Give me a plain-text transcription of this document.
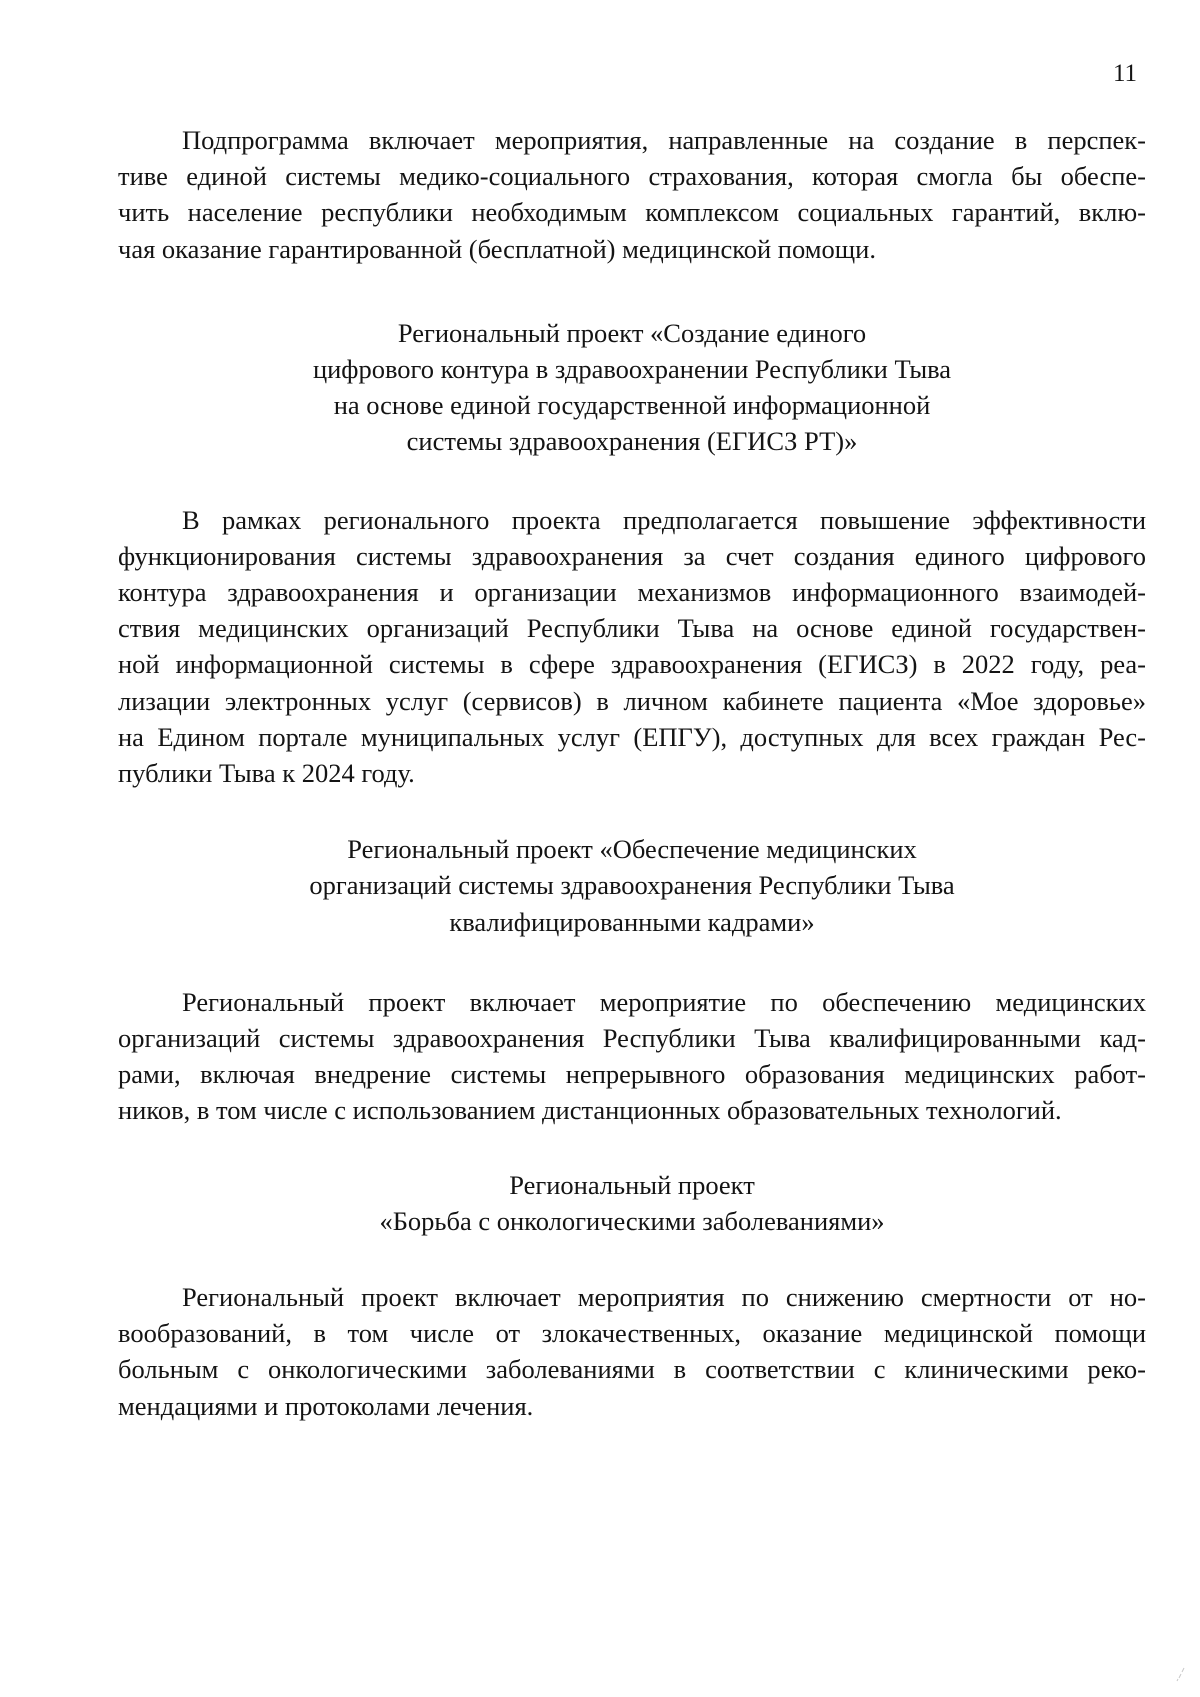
11

Подпрограмма включает мероприятия, направленные на создание в перспек-
тиве единой системы медико-социального страхования, которая смогла бы обеспе-
чить население республики необходимым комплексом социальных гарантий, вклю-
чая оказание гарантированной (бесплатной) медицинской помощи.

Региональный проект «Создание единого
цифрового контура в здравоохранении Республики Тыва
на основе единой государственной информационной
системы здравоохранения (ЕГИСЗ РТ)»

В рамках регионального проекта предполагается повышение эффективности
функционирования системы здравоохранения за счет создания единого цифрового
контура здравоохранения и организации механизмов информационного взаимодей-
ствия медицинских организаций Республики Тыва на основе единой государствен-
ной информационной системы в сфере здравоохранения (ЕГИСЗ) в 2022 году, реа-
лизации электронных услуг (сервисов) в личном кабинете пациента «Мое здоровье»
на Едином портале муниципальных услуг (ЕПГУ), доступных для всех граждан Рес-
публики Тыва к 2024 году.

Региональный проект «Обеспечение медицинских
организаций системы здравоохранения Республики Тыва
квалифицированными кадрами»

Региональный проект включает мероприятие по обеспечению медицинских
организаций системы здравоохранения Республики Тыва квалифицированными кад-
рами, включая внедрение системы непрерывного образования медицинских работ-
ников, в том числе с использованием дистанционных образовательных технологий.

Региональный проект
«Борьба с онкологическими заболеваниями»

Региональный проект включает мероприятия по снижению смертности от но-
вообразований, в том числе от злокачественных, оказание медицинской помощи
больным с онкологическими заболеваниями в соответствии с клиническими реко-
мендациями и протоколами лечения.
